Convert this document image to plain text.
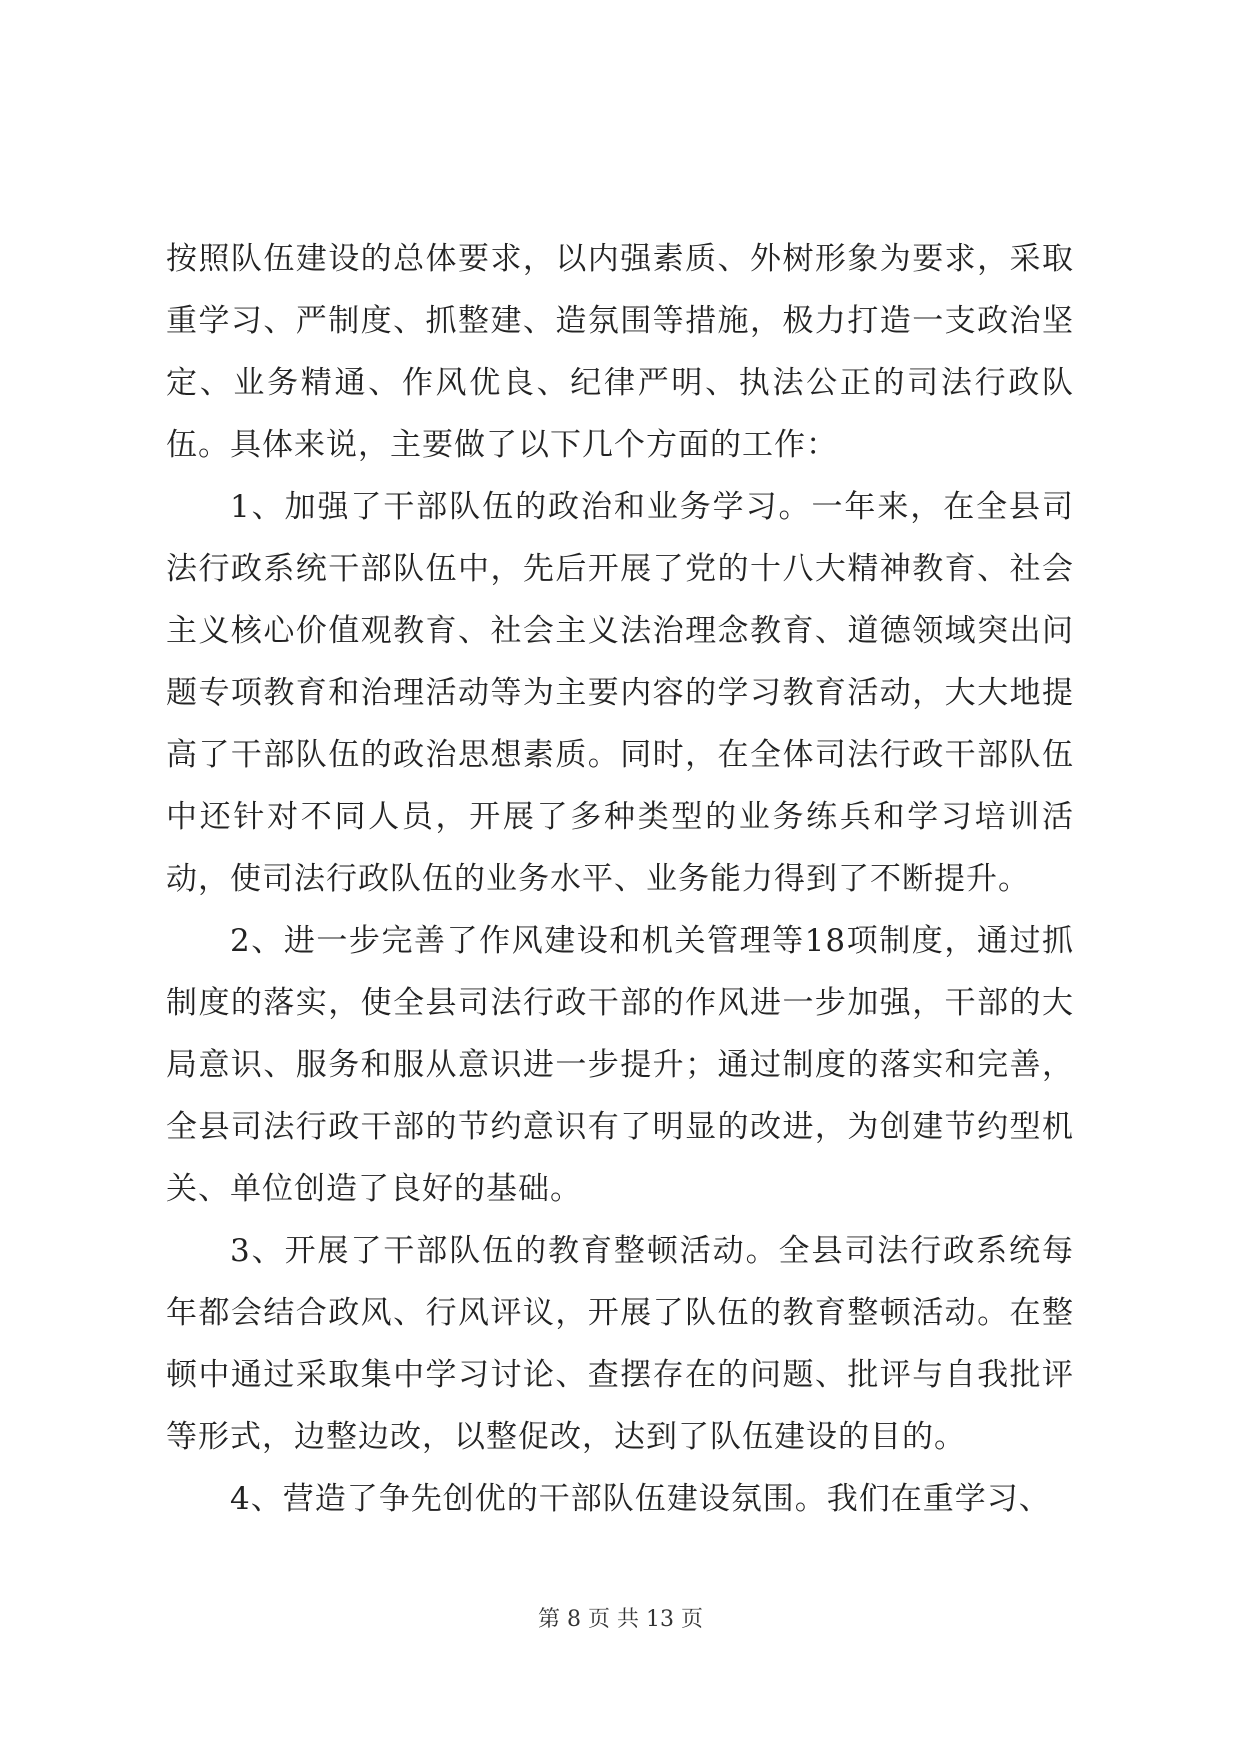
按照队伍建设的总体要求，以内强素质、外树形象为要求，采取重学习、严制度、抓整建、造氛围等措施，极力打造一支政治坚定、业务精通、作风优良、纪律严明、执法公正的司法行政队伍。具体来说，主要做了以下几个方面的工作：

1、加强了干部队伍的政治和业务学习。一年来，在全县司法行政系统干部队伍中，先后开展了党的十八大精神教育、社会主义核心价值观教育、社会主义法治理念教育、道德领域突出问题专项教育和治理活动等为主要内容的学习教育活动，大大地提高了干部队伍的政治思想素质。同时，在全体司法行政干部队伍中还针对不同人员，开展了多种类型的业务练兵和学习培训活动，使司法行政队伍的业务水平、业务能力得到了不断提升。

2、进一步完善了作风建设和机关管理等18项制度，通过抓制度的落实，使全县司法行政干部的作风进一步加强，干部的大局意识、服务和服从意识进一步提升；通过制度的落实和完善，全县司法行政干部的节约意识有了明显的改进，为创建节约型机关、单位创造了良好的基础。

3、开展了干部队伍的教育整顿活动。全县司法行政系统每年都会结合政风、行风评议，开展了队伍的教育整顿活动。在整顿中通过采取集中学习讨论、查摆存在的问题、批评与自我批评等形式，边整边改，以整促改，达到了队伍建设的目的。

4、营造了争先创优的干部队伍建设氛围。我们在重学习、

第 8 页 共 13 页
